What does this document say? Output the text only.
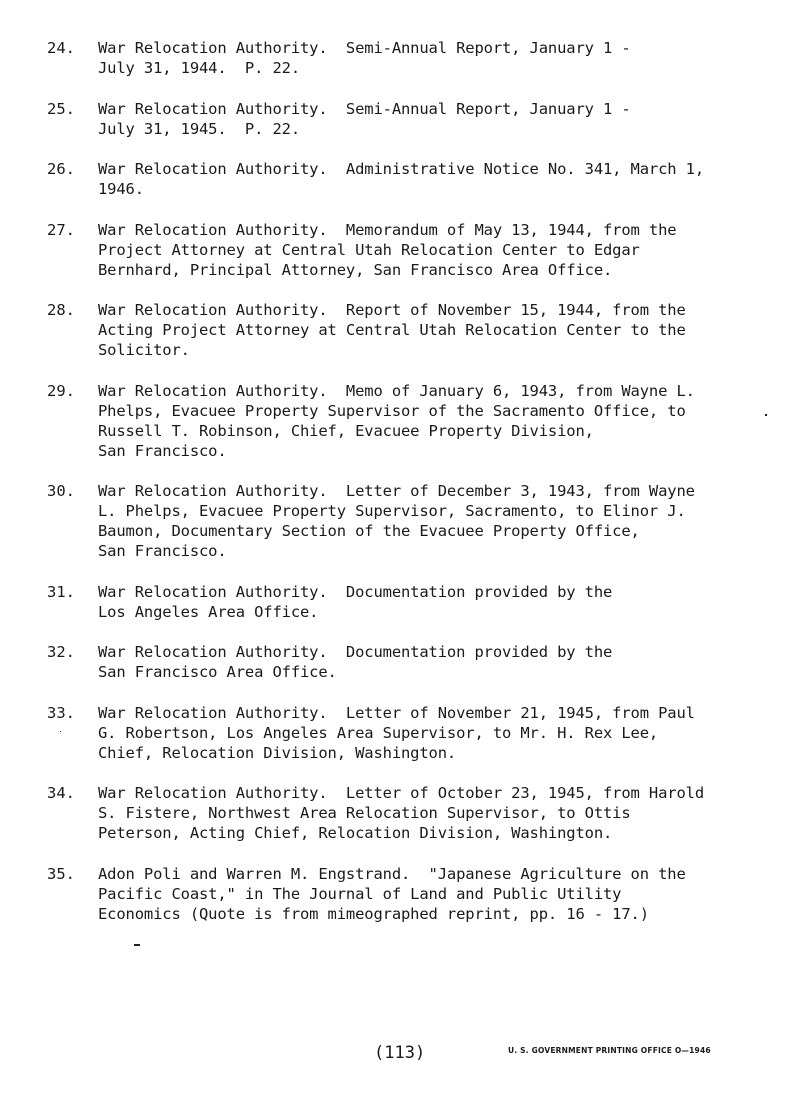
24.	War Relocation Authority.  Semi-Annual Report, January 1 -
July 31, 1944.  P. 22.
25.	War Relocation Authority.  Semi-Annual Report, January 1 -
July 31, 1945.  P. 22.
26.	War Relocation Authority.  Administrative Notice No. 341, March 1,
1946.
27.	War Relocation Authority.  Memorandum of May 13, 1944, from the
Project Attorney at Central Utah Relocation Center to Edgar
Bernhard, Principal Attorney, San Francisco Area Office.
28.	War Relocation Authority.  Report of November 15, 1944, from the
Acting Project Attorney at Central Utah Relocation Center to the
Solicitor.
29.	War Relocation Authority.  Memo of January 6, 1943, from Wayne L.
Phelps, Evacuee Property Supervisor of the Sacramento Office, to
Russell T. Robinson, Chief, Evacuee Property Division,
San Francisco.
30.	War Relocation Authority.  Letter of December 3, 1943, from Wayne
L. Phelps, Evacuee Property Supervisor, Sacramento, to Elinor J.
Baumon, Documentary Section of the Evacuee Property Office,
San Francisco.
31.	War Relocation Authority.  Documentation provided by the
Los Angeles Area Office.
32.	War Relocation Authority.  Documentation provided by the
San Francisco Area Office.
33.	War Relocation Authority.  Letter of November 21, 1945, from Paul
G. Robertson, Los Angeles Area Supervisor, to Mr. H. Rex Lee,
Chief, Relocation Division, Washington.
34.	War Relocation Authority.  Letter of October 23, 1945, from Harold
S. Fistere, Northwest Area Relocation Supervisor, to Ottis
Peterson, Acting Chief, Relocation Division, Washington.
35.	Adon Poli and Warren M. Engstrand.  "Japanese Agriculture on the
Pacific Coast," in The Journal of Land and Public Utility
Economics (Quote is from mimeographed reprint, pp. 16 - 17.)
(113)	U. S. GOVERNMENT PRINTING OFFICE O—1946
